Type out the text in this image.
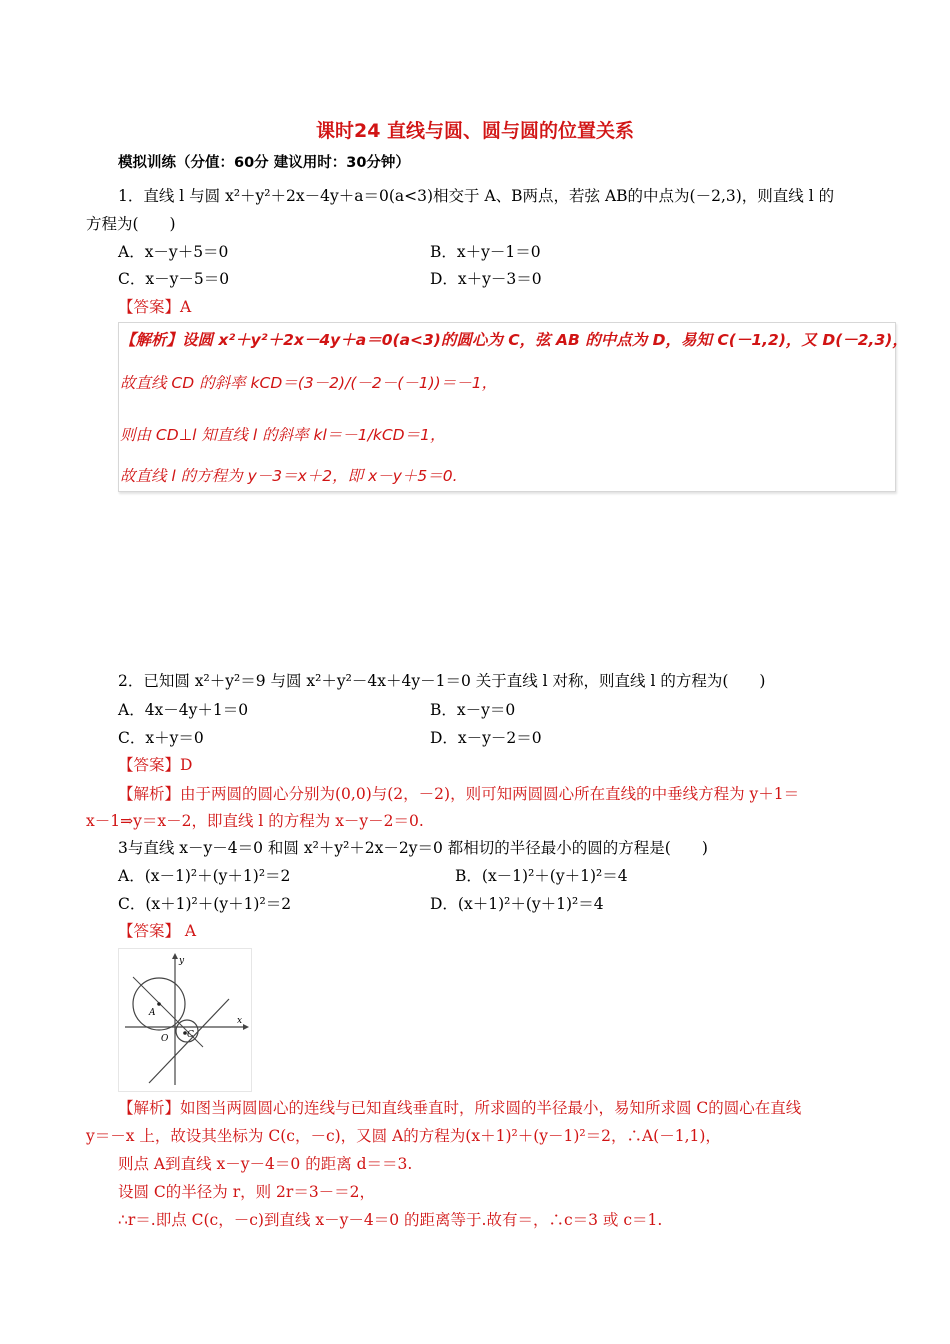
课时24 直线与圆、圆与圆的位置关系
模拟训练（分值：60分 建议用时：30分钟）
1．直线 l 与圆 x²＋y²＋2x－4y＋a＝0(a<3)相交于 A、B两点，若弦 AB的中点为(－2,3)，则直线 l 的
方程为(　　)
A．x－y＋5＝0	B．x＋y－1＝0
C．x－y－5＝0	D．x＋y－3＝0
【答案】A
【解析】设圆 x²＋y²＋2x－4y＋a＝0(a<3)的圆心为 C，弦 AB 的中点为 D，易知 C(－1,2)，又 D(－2,3)，
故直线 CD 的斜率 kCD＝(3－2)/(－2－(－1))＝－1，
则由 CD⊥l 知直线 l 的斜率 kl＝－1/kCD＝1，
故直线 l 的方程为 y－3＝x＋2，即 x－y＋5＝0.
2．已知圆 x²＋y²＝9 与圆 x²＋y²－4x＋4y－1＝0 关于直线 l 对称，则直线 l 的方程为(　　)
A．4x－4y＋1＝0	B．x－y＝0
C．x＋y＝0	D．x－y－2＝0
【答案】D
【解析】由于两圆的圆心分别为(0,0)与(2，－2)，则可知两圆圆心所在直线的中垂线方程为 y＋1＝
x－1⇒y＝x－2，即直线 l 的方程为 x－y－2＝0.
3与直线 x－y－4＝0 和圆 x²＋y²＋2x－2y＝0 都相切的半径最小的圆的方程是(　　)
A．(x－1)²＋(y＋1)²＝2	B．(x－1)²＋(y＋1)²＝4
C．(x＋1)²＋(y＋1)²＝2	D．(x＋1)²＋(y＋1)²＝4
【答案】 A
y
x
A
O C
【解析】如图当两圆圆心的连线与已知直线垂直时，所求圆的半径最小，易知所求圆 C的圆心在直线
y＝－x 上，故设其坐标为 C(c，－c)，又圆 A的方程为(x＋1)²＋(y－1)²＝2，∴A(－1,1)，
则点 A到直线 x－y－4＝0 的距离 d＝＝3.
设圆 C的半径为 r，则 2r＝3－＝2，
∴r＝.即点 C(c，－c)到直线 x－y－4＝0 的距离等于.故有＝，∴c＝3 或 c＝1.
